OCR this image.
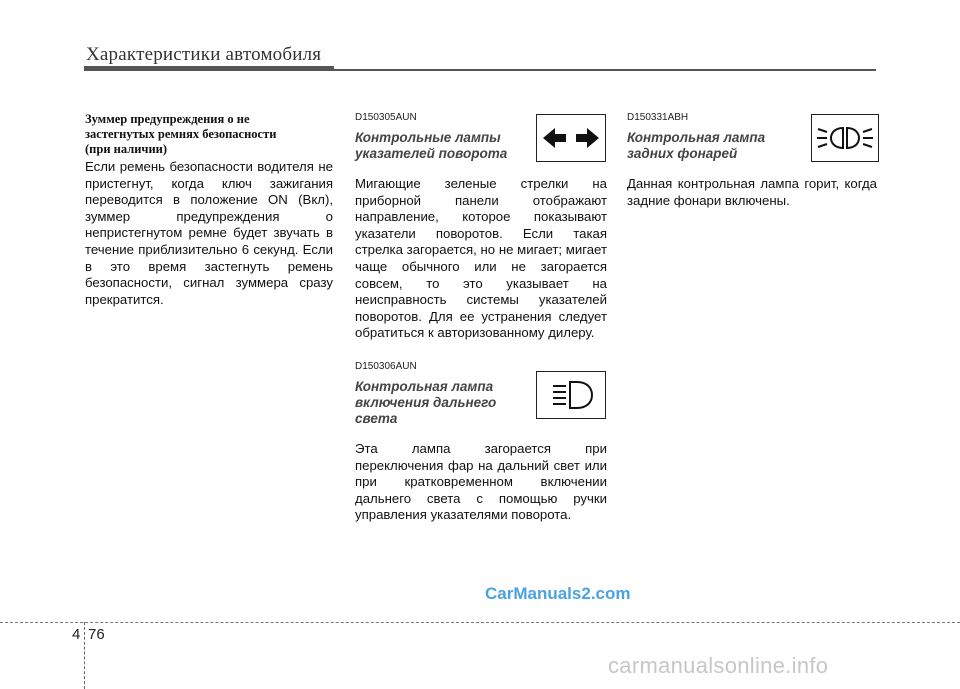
Характеристики автомобиля
Зуммер предупреждения о не
застегнутых ремнях безопасности
(при наличии)

Если ремень безопасности водителя не пристегнут, когда ключ зажигания переводится в положение ON (Вкл), зуммер предупреждения о непристегнутом ремне будет звучать в течение приблизительно 6 секунд. Если в это время застегнуть ремень безопасности, сигнал зуммера сразу прекратится.

D150305AUN
Контрольные лампы
указателей поворота

Мигающие зеленые стрелки на приборной панели отображают направление, которое показывают указатели поворотов. Если такая стрелка загорается, но не мигает; мигает чаще обычного или не загорается совсем, то это указывает на неисправность системы указателей поворотов. Для ее устранения следует обратиться к авторизованному дилеру.

D150306AUN
Контрольная лампа
включения дальнего
света

Эта лампа загорается при переключения фар на дальний свет или при кратковременном включении дальнего света с помощью ручки управления указателями поворота.

D150331ABH
Контрольная лампа
задних фонарей

Данная контрольная лампа горит, когда задние фонари включены.

CarManuals2.com
4 76
carmanualsonline.info
